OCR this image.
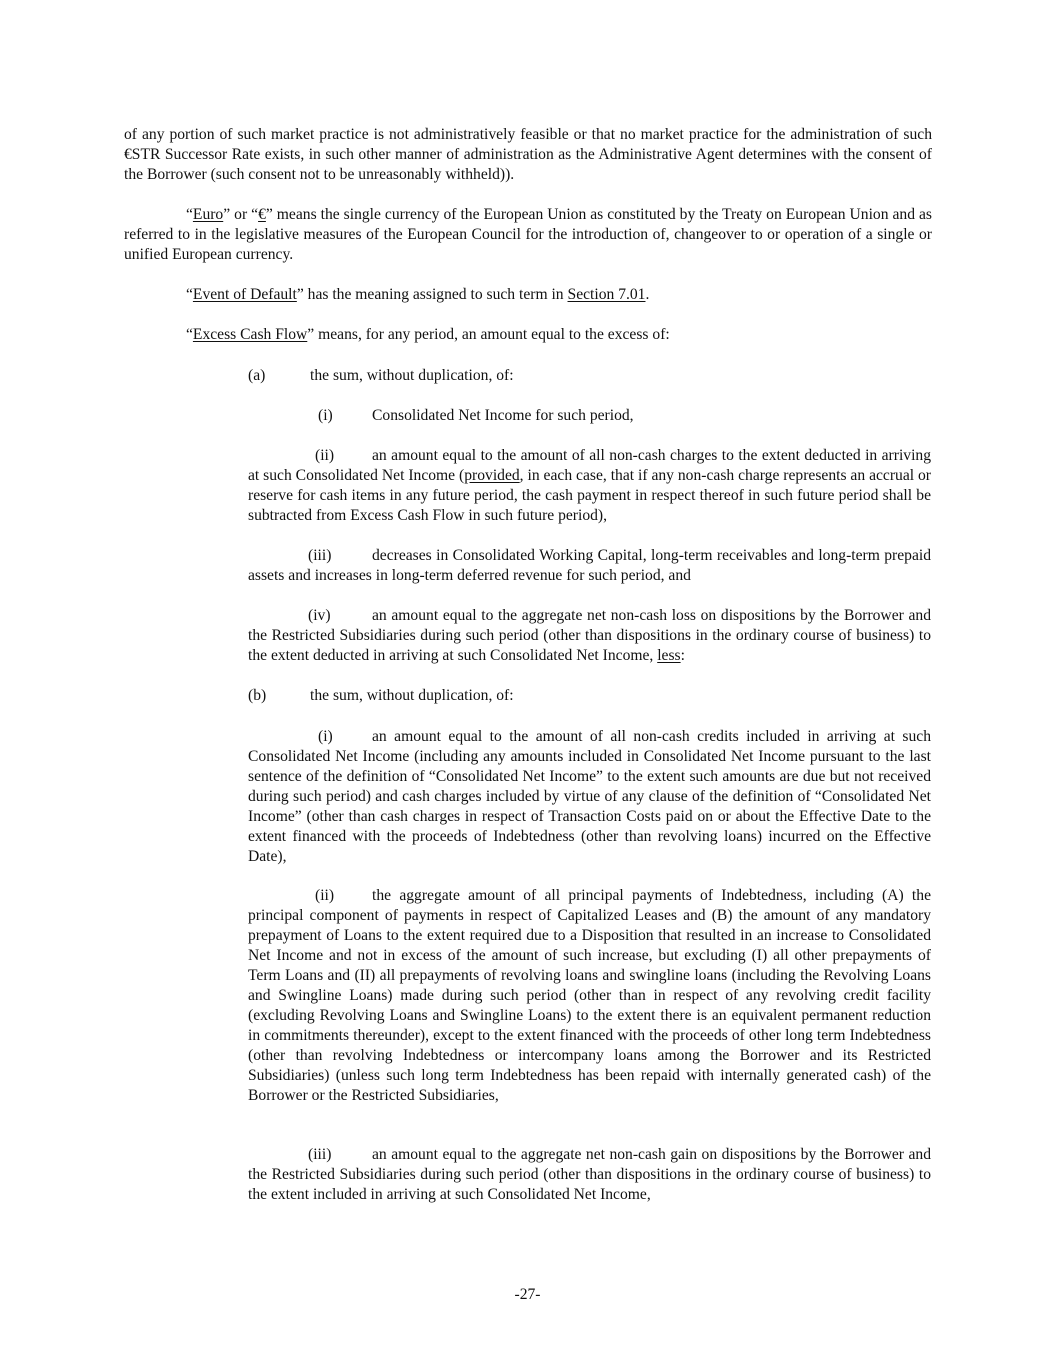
of any portion of such market practice is not administratively feasible or that no market practice for the administration of such €STR Successor Rate exists, in such other manner of administration as the Administrative Agent determines with the consent of the Borrower (such consent not to be unreasonably withheld)).
“Euro” or “€” means the single currency of the European Union as constituted by the Treaty on European Union and as referred to in the legislative measures of the European Council for the introduction of, changeover to or operation of a single or unified European currency.
“Event of Default” has the meaning assigned to such term in Section 7.01.
“Excess Cash Flow” means, for any period, an amount equal to the excess of:
(a)	the sum, without duplication, of:
(i)	Consolidated Net Income for such period,
(ii) an amount equal to the amount of all non-cash charges to the extent deducted in arriving at such Consolidated Net Income (provided, in each case, that if any non-cash charge represents an accrual or reserve for cash items in any future period, the cash payment in respect thereof in such future period shall be subtracted from Excess Cash Flow in such future period),
(iii)	decreases in Consolidated Working Capital, long-term receivables and long-term prepaid assets and increases in long-term deferred revenue for such period, and
(iv)	an amount equal to the aggregate net non-cash loss on dispositions by the Borrower and the Restricted Subsidiaries during such period (other than dispositions in the ordinary course of business) to the extent deducted in arriving at such Consolidated Net Income, less:
(b)	the sum, without duplication, of:
(i)	an amount equal to the amount of all non-cash credits included in arriving at such Consolidated Net Income (including any amounts included in Consolidated Net Income pursuant to the last sentence of the definition of “Consolidated Net Income” to the extent such amounts are due but not received during such period) and cash charges included by virtue of any clause of the definition of “Consolidated Net Income” (other than cash charges in respect of Transaction Costs paid on or about the Effective Date to the extent financed with the proceeds of Indebtedness (other than revolving loans) incurred on the Effective Date),
(ii) the aggregate amount of all principal payments of Indebtedness, including (A) the principal component of payments in respect of Capitalized Leases and (B) the amount of any mandatory prepayment of Loans to the extent required due to a Disposition that resulted in an increase to Consolidated Net Income and not in excess of the amount of such increase, but excluding (I) all other prepayments of Term Loans and (II) all prepayments of revolving loans and swingline loans (including the Revolving Loans and Swingline Loans) made during such period (other than in respect of any revolving credit facility (excluding Revolving Loans and Swingline Loans) to the extent there is an equivalent permanent reduction in commitments thereunder), except to the extent financed with the proceeds of other long term Indebtedness (other than revolving Indebtedness or intercompany loans among the Borrower and its Restricted Subsidiaries) (unless such long term Indebtedness has been repaid with internally generated cash) of the Borrower or the Restricted Subsidiaries,
(iii)	an amount equal to the aggregate net non-cash gain on dispositions by the Borrower and the Restricted Subsidiaries during such period (other than dispositions in the ordinary course of business) to the extent included in arriving at such Consolidated Net Income,
-27-
